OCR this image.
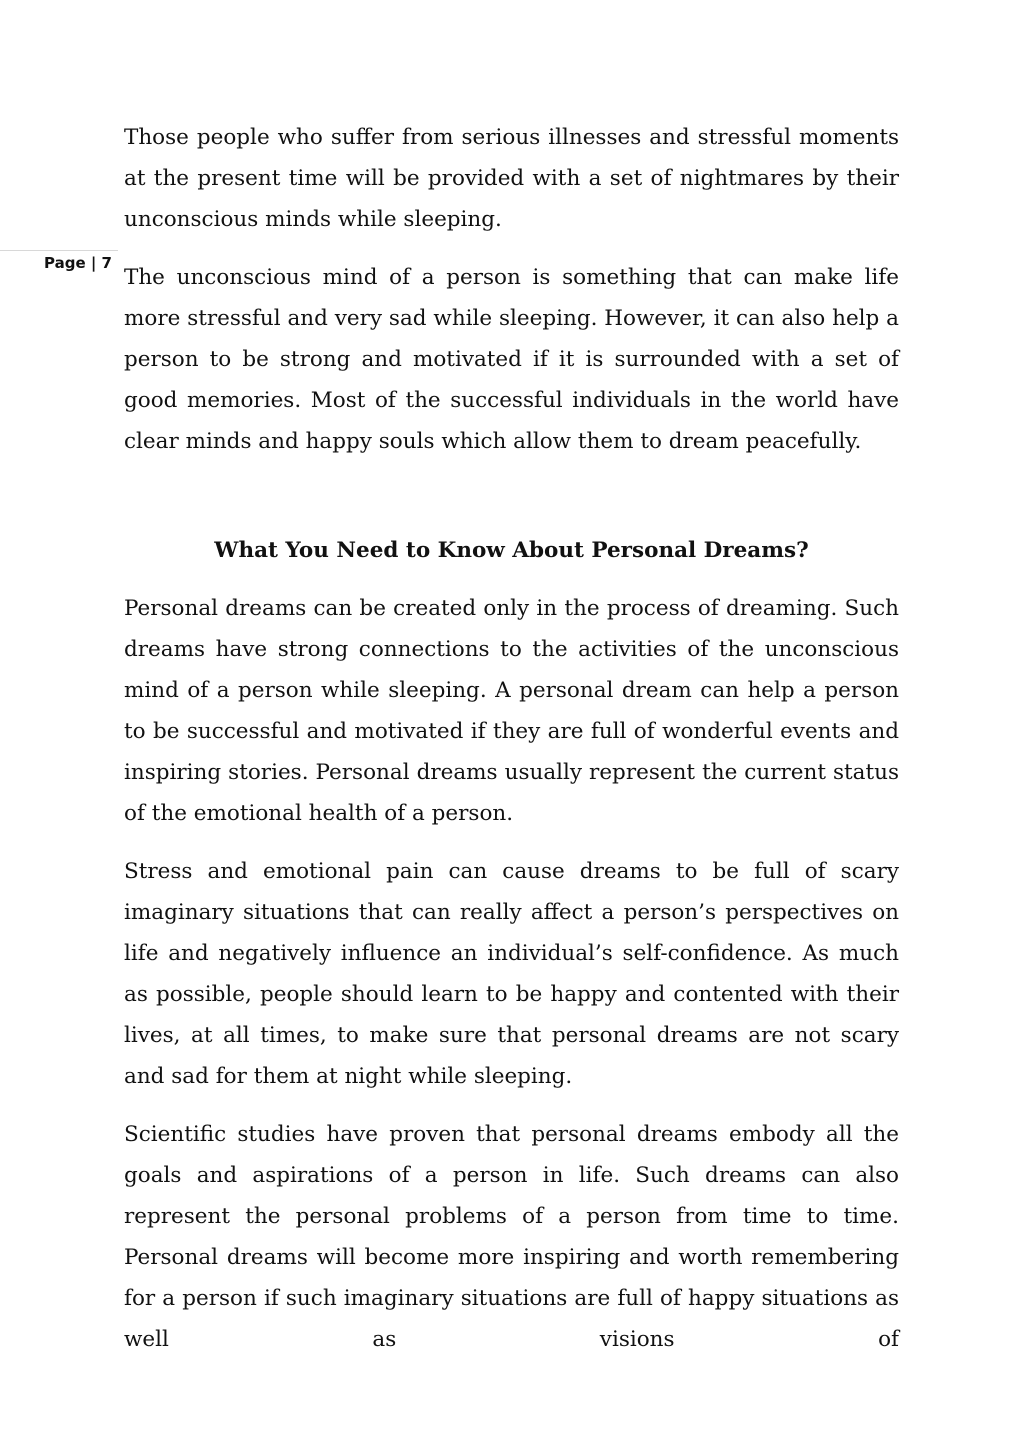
Page | 7

Those people who suffer from serious illnesses and stressful moments at the present time will be provided with a set of nightmares by their unconscious minds while sleeping.

The unconscious mind of a person is something that can make life more stressful and very sad while sleeping. However, it can also help a person to be strong and motivated if it is surrounded with a set of good memories. Most of the successful individuals in the world have clear minds and happy souls which allow them to dream peacefully.

What You Need to Know About Personal Dreams?

Personal dreams can be created only in the process of dreaming. Such dreams have strong connections to the activities of the unconscious mind of a person while sleeping. A personal dream can help a person to be successful and motivated if they are full of wonderful events and inspiring stories. Personal dreams usually represent the current status of the emotional health of a person.

Stress and emotional pain can cause dreams to be full of scary imaginary situations that can really affect a person’s perspectives on life and negatively influence an individual’s self-confidence. As much as possible, people should learn to be happy and contented with their lives, at all times, to make sure that personal dreams are not scary and sad for them at night while sleeping.

Scientific studies have proven that personal dreams embody all the goals and aspirations of a person in life. Such dreams can also represent the personal problems of a person from time to time. Personal dreams will become more inspiring and worth remembering for a person if such imaginary situations are full of happy situations as well as visions of
